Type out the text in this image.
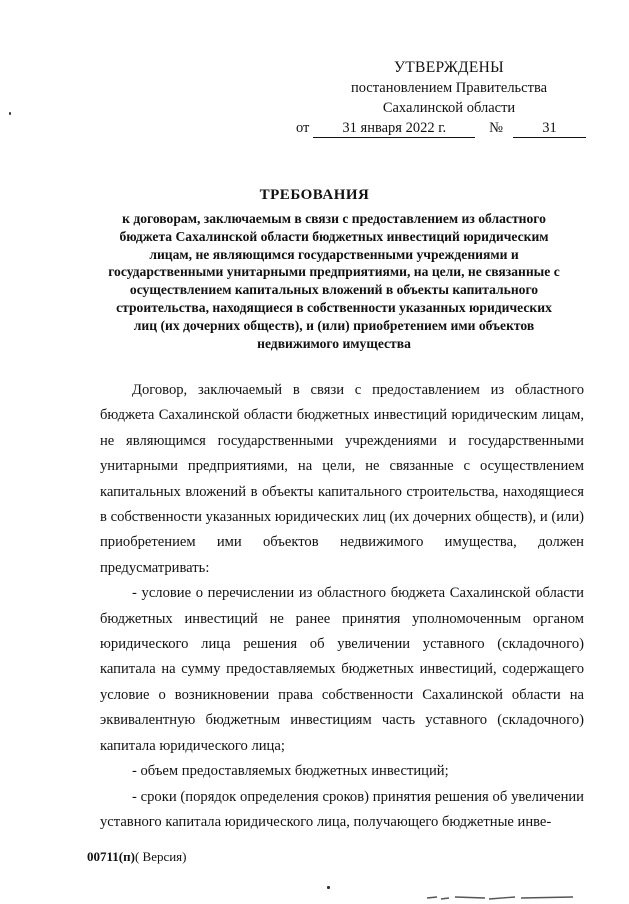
УТВЕРЖДЕНЫ
постановлением Правительства
Сахалинской области
от	31 января 2022 г.	№	31
ТРЕБОВАНИЯ
к договорам, заключаемым в связи с предоставлением из областного
бюджета Сахалинской области бюджетных инвестиций юридическим
лицам, не являющимся государственными учреждениями и
государственными унитарными предприятиями, на цели, не связанные с
осуществлением капитальных вложений в объекты капитального
строительства, находящиеся в собственности указанных юридических
лиц (их дочерних обществ), и (или) приобретением ими объектов
недвижимого имущества

Договор, заключаемый в связи с предоставлением из областного бюджета Сахалинской области бюджетных инвестиций юридическим лицам, не являющимся государственными учреждениями и государственными унитарными предприятиями, на цели, не связанные с осуществлением капитальных вложений в объекты капитального строительства, находящиеся в собственности указанных юридических лиц (их дочерних обществ), и (или) приобретением ими объектов недвижимого имущества, должен предусматривать:

- условие о перечислении из областного бюджета Сахалинской области бюджетных инвестиций не ранее принятия уполномоченным органом юридического лица решения об увеличении уставного (складочного) капитала на сумму предоставляемых бюджетных инвестиций, содержащего условие о возникновении права собственности Сахалинской области на эквивалентную бюджетным инвестициям часть уставного (складочного) капитала юридического лица;

- объем предоставляемых бюджетных инвестиций;

- сроки (порядок определения сроков) принятия решения об увеличении уставного капитала юридического лица, получающего бюджетные инве-

00711(п)( Версия)
